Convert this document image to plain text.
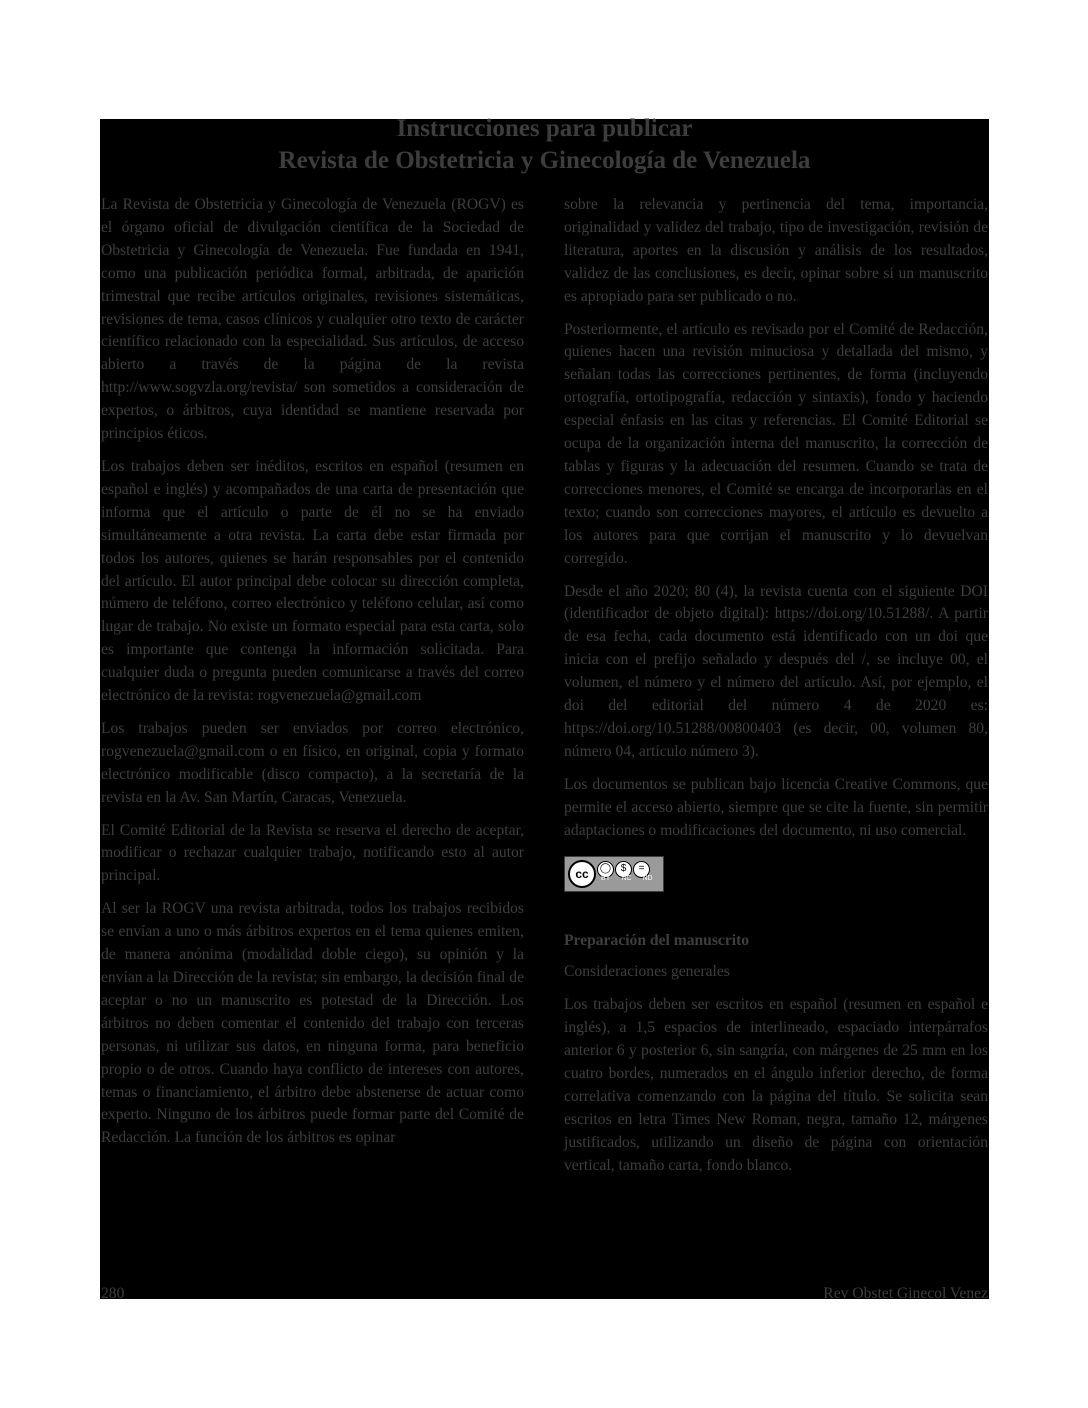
Instrucciones para publicar
Revista de Obstetricia y Ginecología de Venezuela

La Revista de Obstetricia y Ginecología de Venezuela (ROGV) es el órgano oficial de divulgación científica de la Sociedad de Obstetricia y Ginecología de Venezuela. Fue fundada en 1941, como una publicación periódica formal, arbitrada, de aparición trimestral que recibe artículos originales, revisiones sistemáticas, revisiones de tema, casos clínicos y cualquier otro texto de carácter científico relacionado con la especialidad. Sus artículos, de acceso abierto a través de la página de la revista http://www.sogvzla.org/revista/ son sometidos a consideración de expertos, o árbitros, cuya identidad se mantiene reservada por principios éticos.

Los trabajos deben ser inéditos, escritos en español (resumen en español e inglés) y acompañados de una carta de presentación que informa que el artículo o parte de él no se ha enviado simultáneamente a otra revista. La carta debe estar firmada por todos los autores, quienes se harán responsables por el contenido del artículo. El autor principal debe colocar su dirección completa, número de teléfono, correo electrónico y teléfono celular, así como lugar de trabajo. No existe un formato especial para esta carta, solo es importante que contenga la información solicitada. Para cualquier duda o pregunta pueden comunicarse a través del correo electrónico de la revista: rogvenezuela@gmail.com

Los trabajos pueden ser enviados por correo electrónico, rogvenezuela@gmail.com o en físico, en original, copia y formato electrónico modificable (disco compacto), a la secretaría de la revista en la Av. San Martín, Caracas, Venezuela.

El Comité Editorial de la Revista se reserva el derecho de aceptar, modificar o rechazar cualquier trabajo, notificando esto al autor principal.

Al ser la ROGV una revista arbitrada, todos los trabajos recibidos se envían a uno o más árbitros expertos en el tema quienes emiten, de manera anónima (modalidad doble ciego), su opinión y la envían a la Dirección de la revista; sin embargo, la decisión final de aceptar o no un manuscrito es potestad de la Dirección. Los árbitros no deben comentar el contenido del trabajo con terceras personas, ni utilizar sus datos, en ninguna forma, para beneficio propio o de otros. Cuando haya conflicto de intereses con autores, temas o financiamiento, el árbitro debe abstenerse de actuar como experto. Ninguno de los árbitros puede formar parte del Comité de Redacción. La función de los árbitros es opinar

sobre la relevancia y pertinencia del tema, importancia, originalidad y validez del trabajo, tipo de investigación, revisión de literatura, aportes en la discusión y análisis de los resultados, validez de las conclusiones, es decir, opinar sobre si un manuscrito es apropiado para ser publicado o no.

Posteriormente, el artículo es revisado por el Comité de Redacción, quienes hacen una revisión minuciosa y detallada del mismo, y señalan todas las correcciones pertinentes, de forma (incluyendo ortografía, ortotipografía, redacción y sintaxis), fondo y haciendo especial énfasis en las citas y referencias. El Comité Editorial se ocupa de la organización interna del manuscrito, la corrección de tablas y figuras y la adecuación del resumen. Cuando se trata de correcciones menores, el Comité se encarga de incorporarlas en el texto; cuando son correcciones mayores, el artículo es devuelto a los autores para que corrijan el manuscrito y lo devuelvan corregido.

Desde el año 2020; 80 (4), la revista cuenta con el siguiente DOI (identificador de objeto digital): https://doi.org/10.51288/. A partir de esa fecha, cada documento está identificado con un doi que inicia con el prefijo señalado y después del /, se incluye 00, el volumen, el número y el número del artículo. Así, por ejemplo, el doi del editorial del número 4 de 2020 es: https://doi.org/10.51288/00800403 (es decir, 00, volumen 80, número 04, artículo número 3).

Los documentos se publican bajo licencia Creative Commons, que permite el acceso abierto, siempre que se cite la fuente, sin permitir adaptaciones o modificaciones del documento, ni uso comercial.

cc	◯ $	=
BY NC ND

Preparación del manuscrito

Consideraciones generales

Los trabajos deben ser escritos en español (resumen en español e inglés), a 1,5 espacios de interlineado, espaciado interpárrafos anterior 6 y posterior 6, sin sangría, con márgenes de 25 mm en los cuatro bordes, numerados en el ángulo inferior derecho, de forma correlativa comenzando con la página del título. Se solicita sean escritos en letra Times New Roman, negra, tamaño 12, márgenes justificados, utilizando un diseño de página con orientación vertical, tamaño carta, fondo blanco.

280	Rev Obstet Ginecol Venez
